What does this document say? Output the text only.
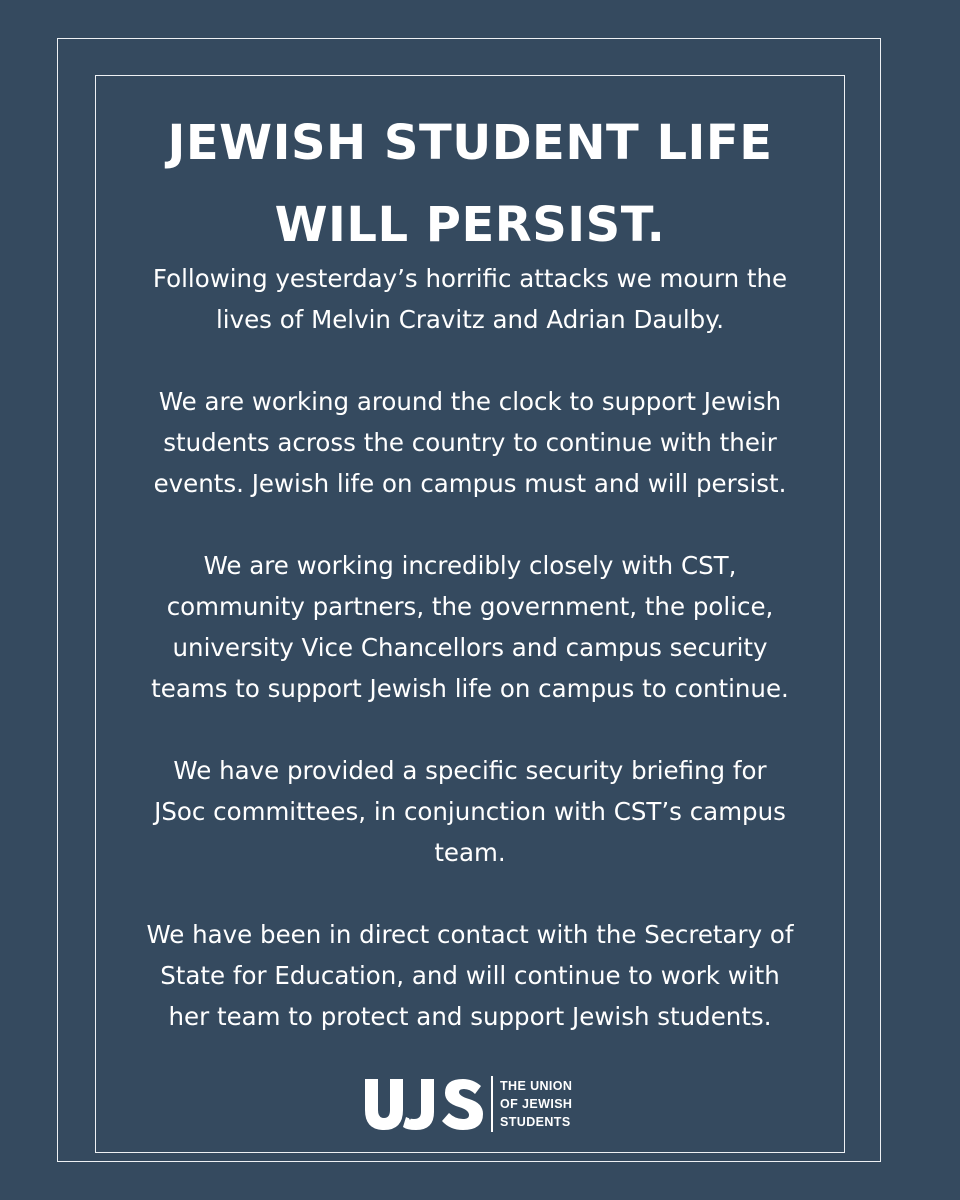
JEWISH STUDENT LIFE
WILL PERSIST.

Following yesterday’s horrific attacks we mourn the
lives of Melvin Cravitz and Adrian Daulby.

We are working around the clock to support Jewish
students across the country to continue with their
events. Jewish life on campus must and will persist.

We are working incredibly closely with CST,
community partners, the government, the police,
university Vice Chancellors and campus security
teams to support Jewish life on campus to continue.

We have provided a specific security briefing for
JSoc committees, in conjunction with CST’s campus
team.

We have been in direct contact with the Secretary of
State for Education, and will continue to work with
her team to protect and support Jewish students.

THE UNION
OF JEWISH
STUDENTS
